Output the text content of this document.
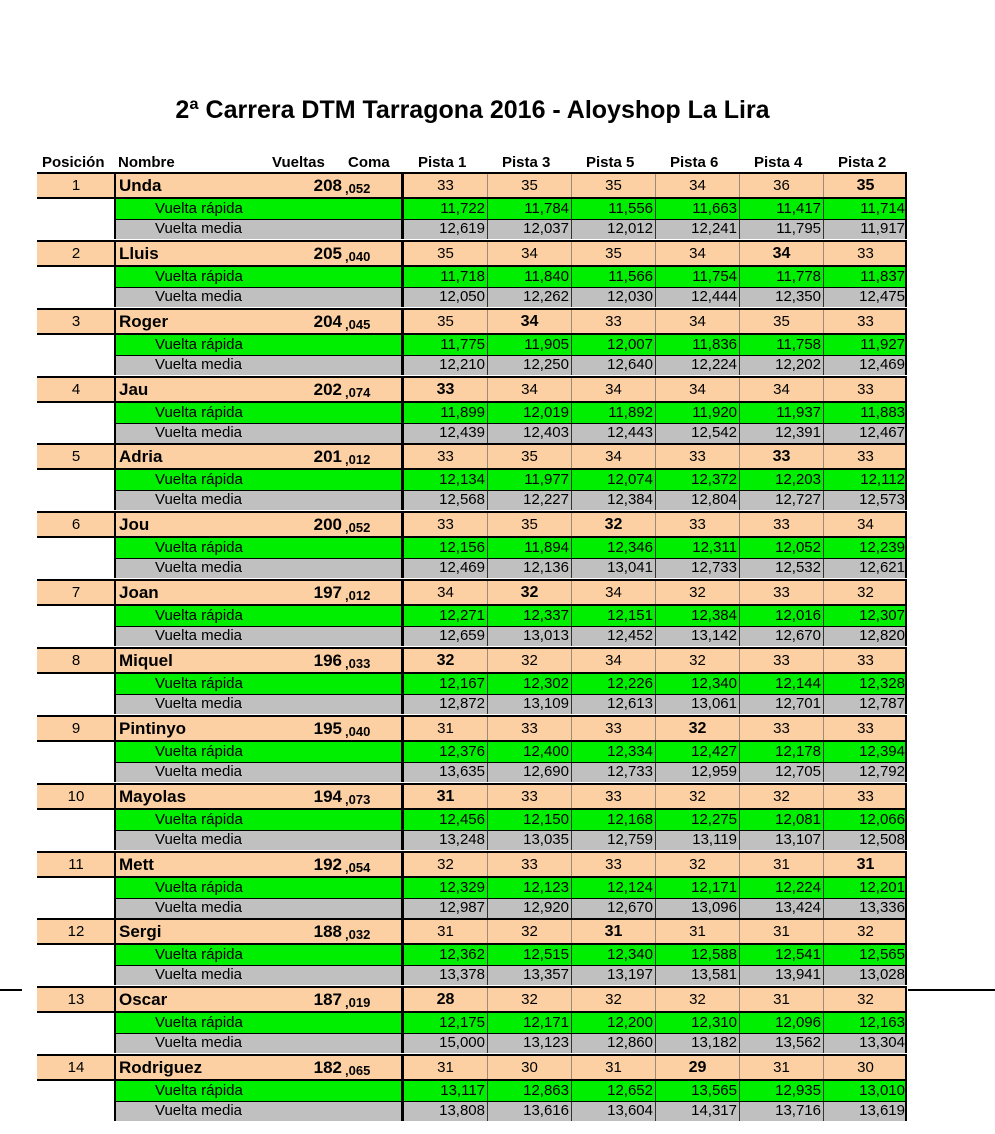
2ª Carrera DTM Tarragona 2016 - Aloyshop La Lira
Posición Nombre	Vueltas Coma Pista 1 Pista 3 Pista 5 Pista 6 Pista 4 Pista 2
1	Unda	208 ,052	33	35	35	34	36	35
Vuelta rápida	11,722	11,784	11,556	11,663	11,417	11,714
Vuelta media	12,619	12,037	12,012	12,241	11,795	11,917
2	Lluis	205 ,040	35	34	35	34	34	33
Vuelta rápida	11,718	11,840	11,566	11,754	11,778	11,837
Vuelta media	12,050	12,262	12,030	12,444	12,350	12,475
3	Roger	204 ,045	35	34	33	34	35	33
Vuelta rápida	11,775	11,905	12,007	11,836	11,758	11,927
Vuelta media	12,210	12,250	12,640	12,224	12,202	12,469
4	Jau	202 ,074	33	34	34	34	34	33
Vuelta rápida	11,899	12,019	11,892	11,920	11,937	11,883
Vuelta media	12,439	12,403	12,443	12,542	12,391	12,467
5	Adria	201 ,012	33	35	34	33	33	33
Vuelta rápida	12,134	11,977	12,074	12,372	12,203	12,112
Vuelta media	12,568	12,227	12,384	12,804	12,727	12,573
6	Jou	200 ,052	33	35	32	33	33	34
Vuelta rápida	12,156	11,894	12,346	12,311	12,052	12,239
Vuelta media	12,469	12,136	13,041	12,733	12,532	12,621
7	Joan	197 ,012	34	32	34	32	33	32
Vuelta rápida	12,271	12,337	12,151	12,384	12,016	12,307
Vuelta media	12,659	13,013	12,452	13,142	12,670	12,820
8	Miquel	196 ,033	32	32	34	32	33	33
Vuelta rápida	12,167	12,302	12,226	12,340	12,144	12,328
Vuelta media	12,872	13,109	12,613	13,061	12,701	12,787
9	Pintinyo	195 ,040	31	33	33	32	33	33
Vuelta rápida	12,376	12,400	12,334	12,427	12,178	12,394
Vuelta media	13,635	12,690	12,733	12,959	12,705	12,792
10	Mayolas	194 ,073	31	33	33	32	32	33
Vuelta rápida	12,456	12,150	12,168	12,275	12,081	12,066
Vuelta media	13,248	13,035	12,759	13,119	13,107	12,508
11	Mett	192 ,054	32	33	33	32	31	31
Vuelta rápida	12,329	12,123	12,124	12,171	12,224	12,201
Vuelta media	12,987	12,920	12,670	13,096	13,424	13,336
12	Sergi	188 ,032	31	32	31	31	31	32
Vuelta rápida	12,362	12,515	12,340	12,588	12,541	12,565
Vuelta media	13,378	13,357	13,197	13,581	13,941	13,028
13	Oscar	187 ,019	28	32	32	32	31	32
Vuelta rápida	12,175	12,171	12,200	12,310	12,096	12,163
Vuelta media	15,000	13,123	12,860	13,182	13,562	13,304
14	Rodriguez	182 ,065	31	30	31	29	31	30
Vuelta rápida	13,117	12,863	12,652	13,565	12,935	13,010
Vuelta media	13,808	13,616	13,604	14,317	13,716	13,619
